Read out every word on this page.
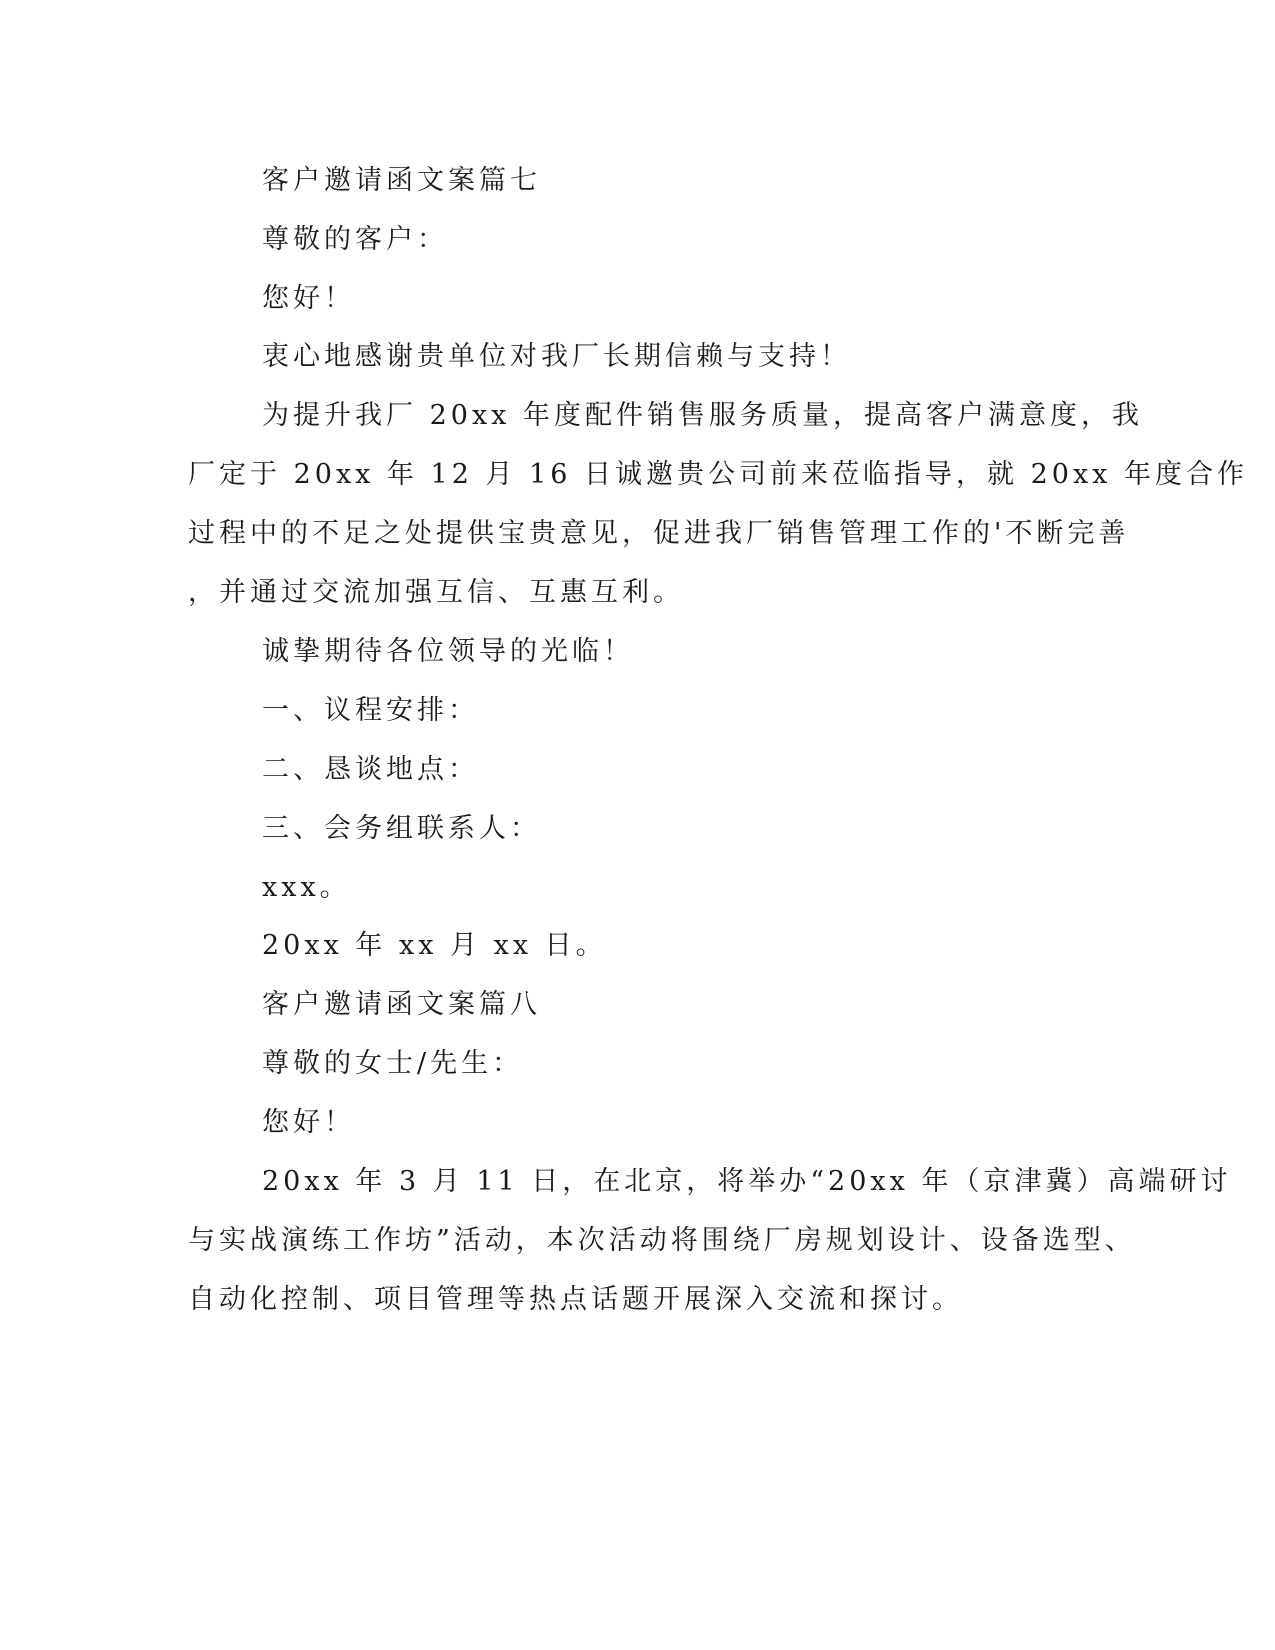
客户邀请函文案篇七

尊敬的客户：

您好！

衷心地感谢贵单位对我厂长期信赖与支持！

为提升我厂 20xx 年度配件销售服务质量，提高客户满意度，我

厂定于 20xx 年 12 月 16 日诚邀贵公司前来莅临指导，就 20xx 年度合作

过程中的不足之处提供宝贵意见，促进我厂销售管理工作的'不断完善

，并通过交流加强互信、互惠互利。

诚挚期待各位领导的光临！

一、议程安排：

二、恳谈地点：

三、会务组联系人：

xxx。

20xx 年 xx 月 xx 日。

客户邀请函文案篇八

尊敬的女士/先生：

您好！

20xx 年 3 月 11 日，在北京，将举办“20xx 年（京津冀）高端研讨

与实战演练工作坊”活动，本次活动将围绕厂房规划设计、设备选型、

自动化控制、项目管理等热点话题开展深入交流和探讨。
